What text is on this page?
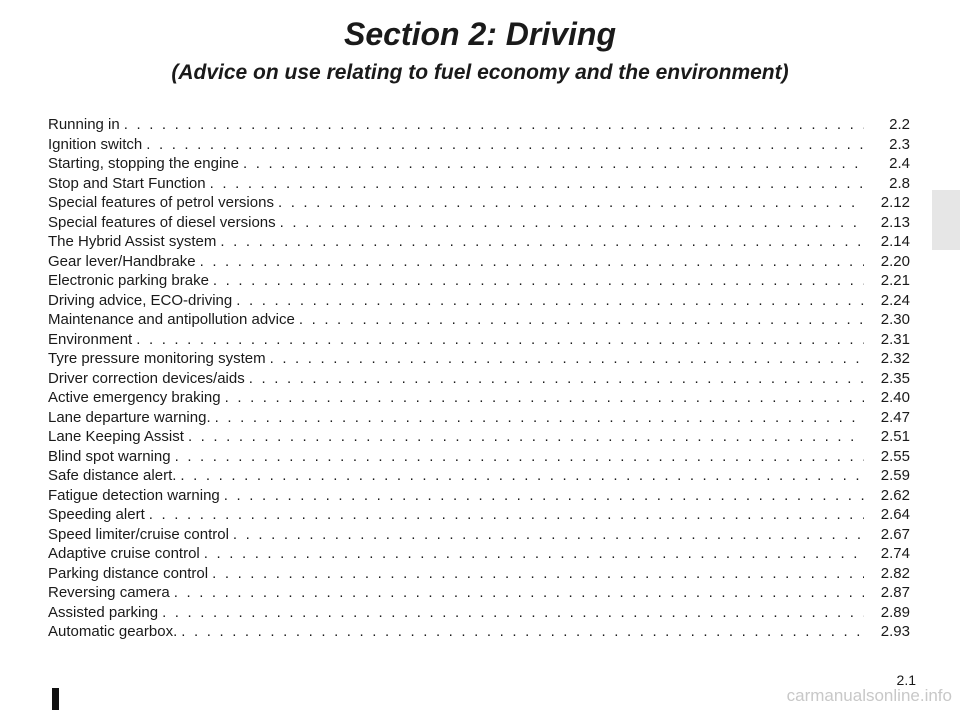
Section 2: Driving
(Advice on use relating to fuel economy and the environment)
Running in . . .	2.2
Ignition switch . . .	2.3
Starting, stopping the engine . . .	2.4
Stop and Start Function . . .	2.8
Special features of petrol versions . . .	2.12
Special features of diesel versions . . .	2.13
The Hybrid Assist system . . .	2.14
Gear lever/Handbrake . . .	2.20
Electronic parking brake . . .	2.21
Driving advice, ECO-driving . . .	2.24
Maintenance and antipollution advice . . .	2.30
Environment . . .	2.31
Tyre pressure monitoring system . . .	2.32
Driver correction devices/aids . . .	2.35
Active emergency braking . . .	2.40
Lane departure warning. . . .	2.47
Lane Keeping Assist . . .	2.51
Blind spot warning . . .	2.55
Safe distance alert. . . .	2.59
Fatigue detection warning . . .	2.62
Speeding alert . . .	2.64
Speed limiter/cruise control . . .	2.67
Adaptive cruise control . . .	2.74
Parking distance control . . .	2.82
Reversing camera . . .	2.87
Assisted parking . . .	2.89
Automatic gearbox. . . .	2.93
2.1
carmanualsonline.info
